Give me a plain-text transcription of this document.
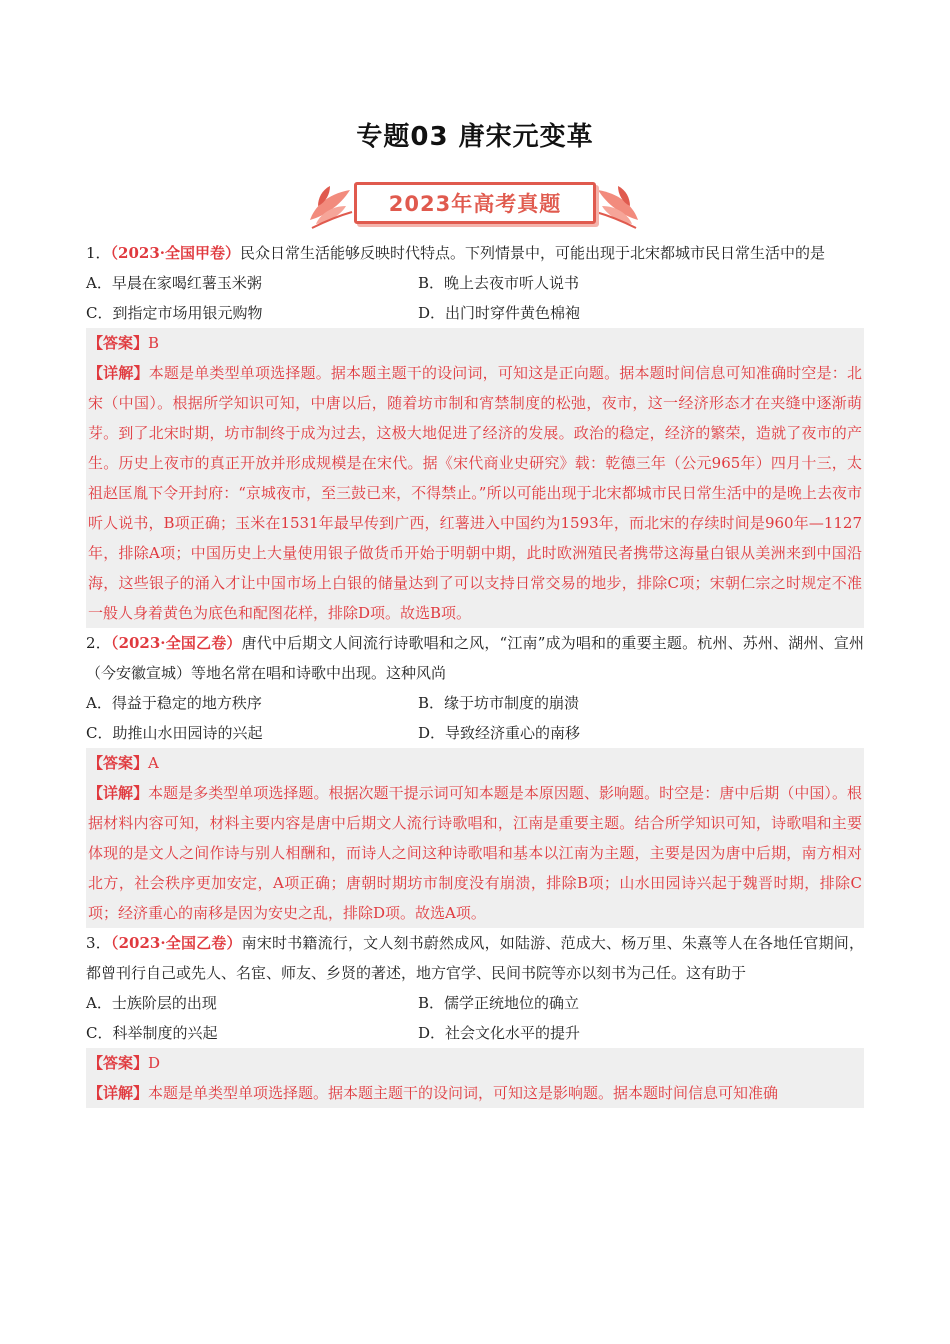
专题03 唐宋元变革
2023年高考真题

1．（2023·全国甲卷）民众日常生活能够反映时代特点。下列情景中，可能出现于北宋都城市民日常生活中的是

A．早晨在家喝红薯玉米粥	B．晚上去夜市听人说书

C．到指定市场用银元购物	D．出门时穿件黄色棉袍

【答案】B

【详解】本题是单类型单项选择题。据本题主题干的设问词，可知这是正向题。据本题时间信息可知准确时空是：北宋（中国）。根据所学知识可知，中唐以后，随着坊市制和宵禁制度的松弛，夜市，这一经济形态才在夹缝中逐渐萌芽。到了北宋时期，坊市制终于成为过去，这极大地促进了经济的发展。政治的稳定，经济的繁荣，造就了夜市的产生。历史上夜市的真正开放并形成规模是在宋代。据《宋代商业史研究》载：乾德三年（公元965年）四月十三，太祖赵匡胤下令开封府：“京城夜市，至三鼓已来，不得禁止。”所以可能出现于北宋都城市民日常生活中的是晚上去夜市听人说书，B项正确；玉米在1531年最早传到广西，红薯进入中国约为1593年，而北宋的存续时间是960年—1127年，排除A项；中国历史上大量使用银子做货币开始于明朝中期，此时欧洲殖民者携带这海量白银从美洲来到中国沿海，这些银子的涌入才让中国市场上白银的储量达到了可以支持日常交易的地步，排除C项；宋朝仁宗之时规定不准一般人身着黄色为底色和配图花样，排除D项。故选B项。

2．（2023·全国乙卷）唐代中后期文人间流行诗歌唱和之风，“江南”成为唱和的重要主题。杭州、苏州、湖州、宣州（今安徽宣城）等地名常在唱和诗歌中出现。这种风尚

A．得益于稳定的地方秩序	B．缘于坊市制度的崩溃

C．助推山水田园诗的兴起	D．导致经济重心的南移

【答案】A

【详解】本题是多类型单项选择题。根据次题干提示词可知本题是本原因题、影响题。时空是：唐中后期（中国）。根据材料内容可知，材料主要内容是唐中后期文人流行诗歌唱和，江南是重要主题。结合所学知识可知，诗歌唱和主要体现的是文人之间作诗与别人相酬和，而诗人之间这种诗歌唱和基本以江南为主题，主要是因为唐中后期，南方相对北方，社会秩序更加安定，A项正确；唐朝时期坊市制度没有崩溃，排除B项；山水田园诗兴起于魏晋时期，排除C项；经济重心的南移是因为安史之乱，排除D项。故选A项。

3．（2023·全国乙卷）南宋时书籍流行，文人刻书蔚然成风，如陆游、范成大、杨万里、朱熹等人在各地任官期间，都曾刊行自己或先人、名宦、师友、乡贤的著述，地方官学、民间书院等亦以刻书为己任。这有助于

A．士族阶层的出现	B．儒学正统地位的确立

C．科举制度的兴起	D．社会文化水平的提升

【答案】D

【详解】本题是单类型单项选择题。据本题主题干的设问词，可知这是影响题。据本题时间信息可知准确
